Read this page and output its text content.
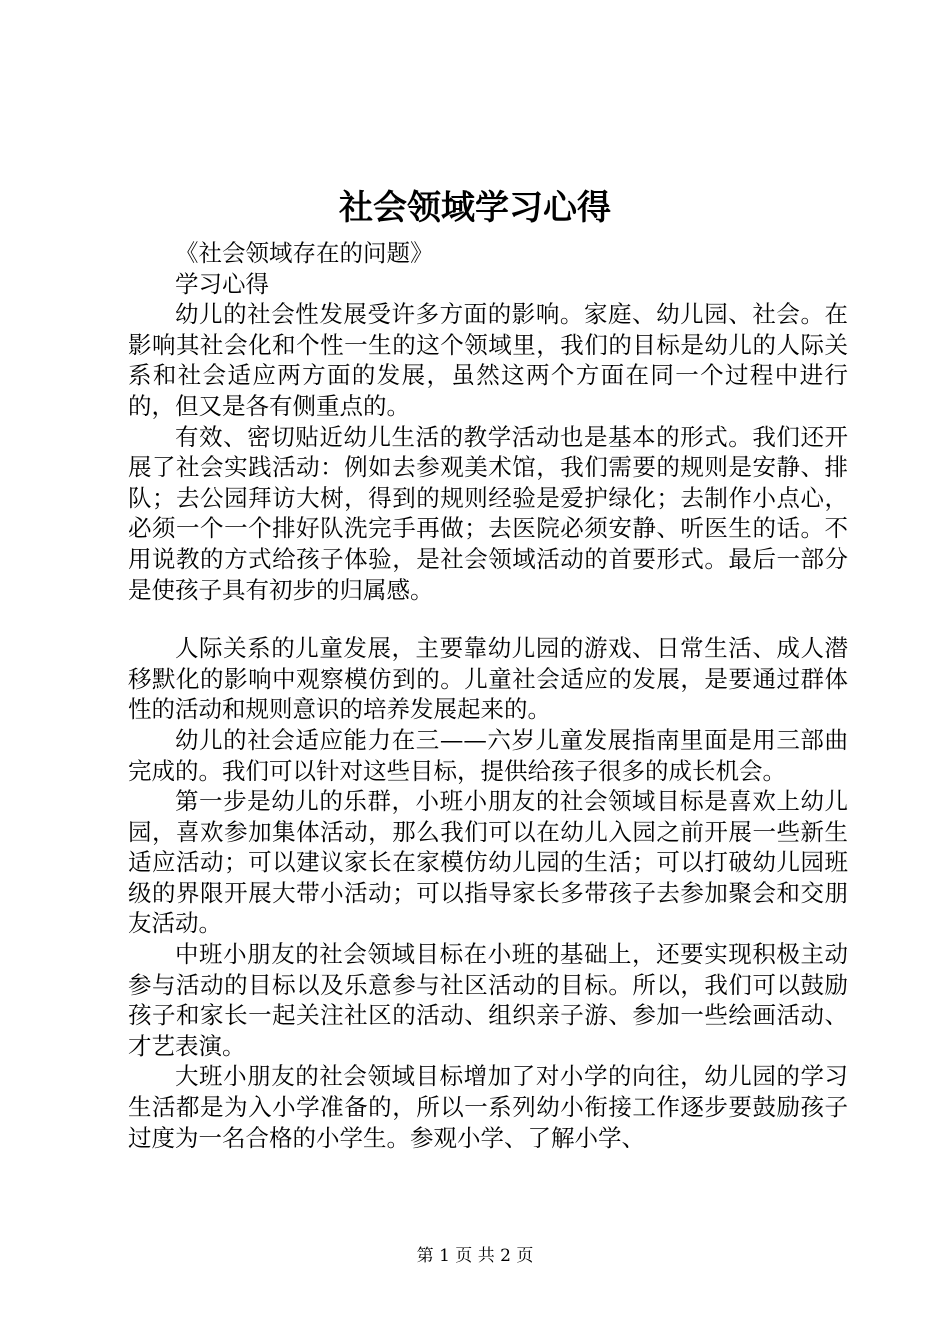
社会领域学习心得

《社会领域存在的问题》

学习心得

幼儿的社会性发展受许多方面的影响。家庭、幼儿园、社会。在影响其社会化和个性一生的这个领域里，我们的目标是幼儿的人际关系和社会适应两方面的发展，虽然这两个方面在同一个过程中进行的，但又是各有侧重点的。

有效、密切贴近幼儿生活的教学活动也是基本的形式。我们还开展了社会实践活动：例如去参观美术馆，我们需要的规则是安静、排队；去公园拜访大树，得到的规则经验是爱护绿化；去制作小点心，必须一个一个排好队洗完手再做；去医院必须安静、听医生的话。不用说教的方式给孩子体验，是社会领域活动的首要形式。最后一部分是使孩子具有初步的归属感。

人际关系的儿童发展，主要靠幼儿园的游戏、日常生活、成人潜移默化的影响中观察模仿到的。儿童社会适应的发展，是要通过群体性的活动和规则意识的培养发展起来的。

幼儿的社会适应能力在三——六岁儿童发展指南里面是用三部曲完成的。我们可以针对这些目标，提供给孩子很多的成长机会。

第一步是幼儿的乐群，小班小朋友的社会领域目标是喜欢上幼儿园，喜欢参加集体活动，那么我们可以在幼儿入园之前开展一些新生适应活动；可以建议家长在家模仿幼儿园的生活；可以打破幼儿园班级的界限开展大带小活动；可以指导家长多带孩子去参加聚会和交朋友活动。

中班小朋友的社会领域目标在小班的基础上，还要实现积极主动参与活动的目标以及乐意参与社区活动的目标。所以，我们可以鼓励孩子和家长一起关注社区的活动、组织亲子游、参加一些绘画活动、才艺表演。

大班小朋友的社会领域目标增加了对小学的向往，幼儿园的学习生活都是为入小学准备的，所以一系列幼小衔接工作逐步要鼓励孩子过度为一名合格的小学生。参观小学、了解小学、

第 1 页 共 2 页
